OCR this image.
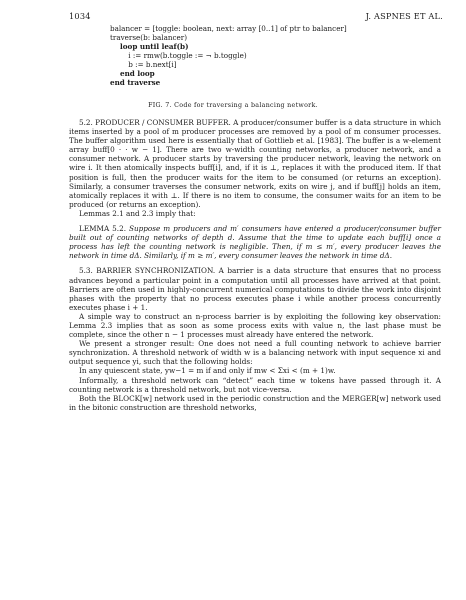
1034	J. ASPNES ET AL.
balancer = [toggle: boolean, next: array [0..1] of ptr to balancer]
traverse(b: balancer)
loop until leaf(b)
i := rmw(b.toggle := ¬ b.toggle)
b := b.next[i]
end loop
end traverse
FIG. 7. Code for traversing a balancing network.

5.2. PRODUCER / CONSUMER BUFFER. A producer/consumer buffer is a data structure in which items inserted by a pool of m producer processes are removed by a pool of m consumer processes. The buffer algorithm used here is essentially that of Gottlieb et al. [1983]. The buffer is a w-element array buff[0 · · w − 1]. There are two w-width counting networks, a producer network, and a consumer network. A producer starts by traversing the producer network, leaving the network on wire i. It then atomically inspects buff[i], and, if it is ⊥, replaces it with the produced item. If that position is full, then the producer waits for the item to be consumed (or returns an exception). Similarly, a consumer traverses the consumer network, exits on wire j, and if buff[j] holds an item, atomically replaces it with ⊥. If there is no item to consume, the consumer waits for an item to be produced (or returns an exception).

Lemmas 2.1 and 2.3 imply that:

LEMMA 5.2. Suppose m producers and m′ consumers have entered a producer/consumer buffer built out of counting networks of depth d. Assume that the time to update each buff[i] once a process has left the counting network is negligible. Then, if m ≤ m′, every producer leaves the network in time dΔ. Similarly, if m ≥ m′, every consumer leaves the network in time dΔ.

5.3. BARRIER SYNCHRONIZATION. A barrier is a data structure that ensures that no process advances beyond a particular point in a computation until all processes have arrived at that point. Barriers are often used in highly-concurrent numerical computations to divide the work into disjoint phases with the property that no process executes phase i while another process concurrently executes phase i + 1.

A simple way to construct an n-process barrier is by exploiting the following key observation: Lemma 2.3 implies that as soon as some process exits with value n, the last phase must be complete, since the other n − 1 processes must already have entered the network.

We present a stronger result: One does not need a full counting network to achieve barrier synchronization. A threshold network of width w is a balancing network with input sequence xi and output sequence yi, such that the following holds:

In any quiescent state, yw−1 = m if and only if mw < Σxi < (m + 1)w.

Informally, a threshold network can “detect” each time w tokens have passed through it. A counting network is a threshold network, but not vice-versa.

Both the BLOCK[w] network used in the periodic construction and the MERGER[w] network used in the bitonic construction are threshold networks,
